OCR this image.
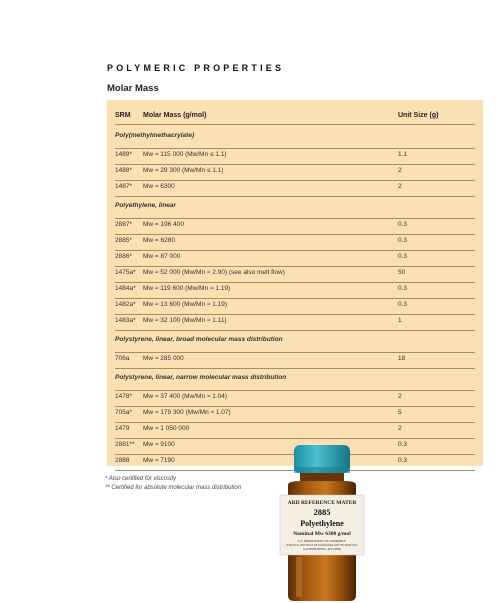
POLYMERIC PROPERTIES
Molar Mass
SRM Molar Mass (g/mol)	Unit Size (g)
Poly(methylmethacrylate)
1489* Mw ≈ 115 000 (Mw/Mn ≤ 1.1)	1.1
1488* Mw ≈ 29 300 (Mw/Mn ≤ 1.1)	2
1487* Mw ≈ 6300	2
Polyethylene, linear
2887* Mw = 196 400	0.3
2885* Mw = 6280	0.3
2886* Mw = 87 000	0.3
1475a* Mw ≈ 52 000 (Mw/Mn ≈ 2.90) (see also melt flow)	50
1484a* Mw ≈ 119 600 (Mw/Mn ≈ 1.19)	0.3
1482a* Mw ≈ 13 600 (Mw/Mn ≈ 1.19)	0.3
1483a* Mw ≈ 32 100 (Mw/Mn ≈ 1.11)	1
Polystyrene, linear, broad molecular mass distribution
706a Mw ≈ 285 000	18
Polystyrene, linear, narrow molecular mass distribution
1478* Mw ≈ 37 400 (Mw/Mn ≈ 1.04)	2
705a* Mw ≈ 179 300 (Mw/Mn ≈ 1.07)	5
1479 Mw ≈ 1 050 000	2
2881** Mw ≈ 9100	0.3
2888 Mw ≈ 7190	0.3
* Also certified for viscosity
** Certified for absolute molecular mass distribution
ARD REFERENCE MATER
2885
Polyethylene
Nominal Mw 6300 g/mol
U.S. DEPARTMENT OF COMMERCE
NATIONAL INSTITUTE OF STANDARDS AND TECHNOLOGY
GAITHERSBURG, MD 20899
